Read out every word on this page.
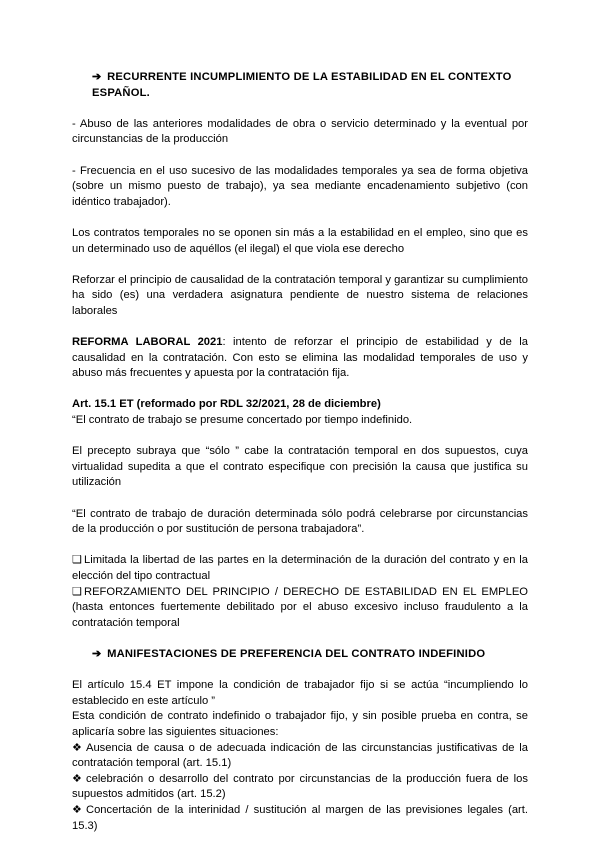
➔ RECURRENTE INCUMPLIMIENTO DE LA ESTABILIDAD EN EL CONTEXTO ESPAÑOL.

- Abuso de las anteriores modalidades de obra o servicio determinado y la eventual por circunstancias de la producción

- Frecuencia en el uso sucesivo de las modalidades temporales ya sea de forma objetiva (sobre un mismo puesto de trabajo), ya sea mediante encadenamiento subjetivo (con idéntico trabajador).

Los contratos temporales no se oponen sin más a la estabilidad en el empleo, sino que es un determinado uso de aquéllos (el ilegal) el que viola ese derecho

Reforzar el principio de causalidad de la contratación temporal y garantizar su cumplimiento ha sido (es) una verdadera asignatura pendiente de nuestro sistema de relaciones laborales

REFORMA LABORAL 2021: intento de reforzar el principio de estabilidad y de la causalidad en la contratación. Con esto se elimina las modalidad temporales de uso y abuso más frecuentes y apuesta por la contratación fija.

Art. 15.1 ET (reformado por RDL 32/2021, 28 de diciembre)

“El contrato de trabajo se presume concertado por tiempo indefinido.

El precepto subraya que “sólo ” cabe la contratación temporal en dos supuestos, cuya virtualidad supedita a que el contrato especifique con precisión la causa que justifica su utilización

“El contrato de trabajo de duración determinada sólo podrá celebrarse por circunstancias de la producción o por sustitución de persona trabajadora”.

❑ Limitada la libertad de las partes en la determinación de la duración del contrato y en la elección del tipo contractual

❑ REFORZAMIENTO DEL PRINCIPIO / DERECHO DE ESTABILIDAD EN EL EMPLEO (hasta entonces fuertemente debilitado por el abuso excesivo incluso fraudulento a la contratación temporal

➔ MANIFESTACIONES DE PREFERENCIA DEL CONTRATO INDEFINIDO

El artículo 15.4 ET impone la condición de trabajador fijo si se actúa “incumpliendo lo establecido en este artículo ”

Esta condición de contrato indefinido o trabajador fijo, y sin posible prueba en contra, se aplicaría sobre las siguientes situaciones:

❖ Ausencia de causa o de adecuada indicación de las circunstancias justificativas de la contratación temporal (art. 15.1)

❖ celebración o desarrollo del contrato por circunstancias de la producción fuera de los supuestos admitidos (art. 15.2)

❖ Concertación de la interinidad / sustitución al margen de las previsiones legales (art. 15.3)
